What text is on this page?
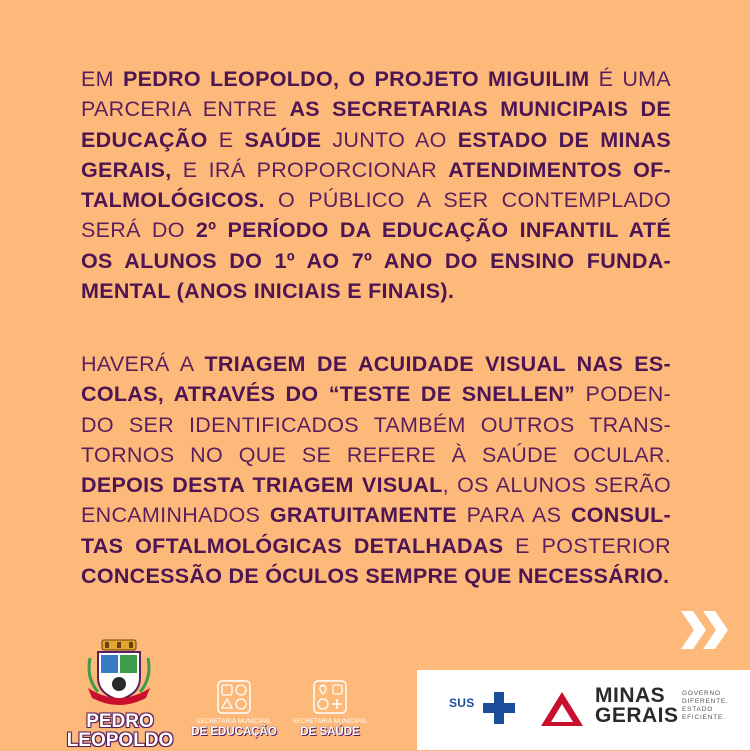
EM PEDRO LEOPOLDO, O PROJETO MIGUILIM É UMA PARCERIA ENTRE AS SECRETARIAS MUNICIPAIS DE EDUCAÇÃO E SAÚDE JUNTO AO ESTADO DE MINAS GERAIS, E IRÁ PROPORCIONAR ATENDIMENTOS OF-TALMOLÓGICOS. O PÚBLICO A SER CONTEMPLADO SERÁ DO 2º PERÍODO DA EDUCAÇÃO INFANTIL ATÉ OS ALUNOS DO 1º AO 7º ANO DO ENSINO FUNDA-MENTAL (ANOS INICIAIS E FINAIS).
HAVERÁ A TRIAGEM DE ACUIDADE VISUAL NAS ES-COLAS, ATRAVÉS DO “TESTE DE SNELLEN” PODEN-DO SER IDENTIFICADOS TAMBÉM OUTROS TRANS-TORNOS NO QUE SE REFERE À SAÚDE OCULAR. DEPOIS DESTA TRIAGEM VISUAL, OS ALUNOS SERÃO ENCAMINHADOS GRATUITAMENTE PARA AS CONSUL-TAS OFTALMOLÓGICAS DETALHADAS E POSTERIOR CONCESSÃO DE ÓCULOS SEMPRE QUE NECESSÁRIO.
PEDRO
LEOPOLDO
SECRETARIA MUNICIPAL
DE EDUCAÇÃO
SECRETARIA MUNICIPAL
DE SAÚDE
SUS	MINAS
GERAIS
GOVERNO
DIFERENTE.
ESTADO
EFICIENTE.
